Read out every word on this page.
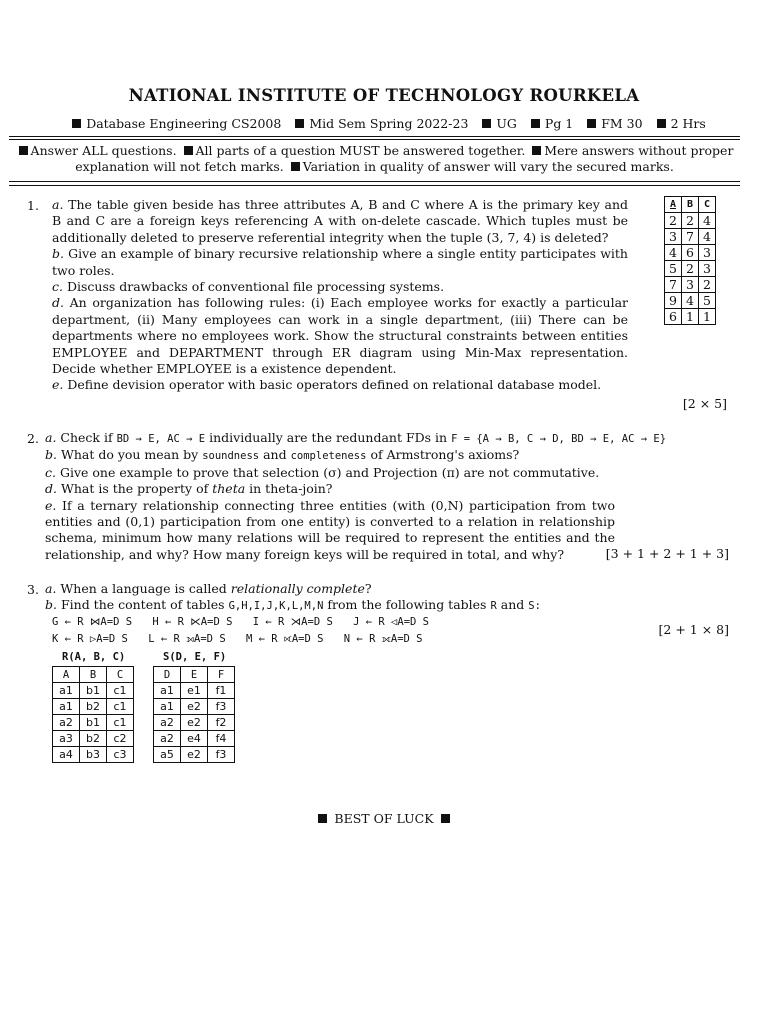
NATIONAL INSTITUTE OF TECHNOLOGY ROURKELA
Database Engineering CS2008 Mid Sem Spring 2022-23 UG Pg 1 FM 30 2 Hrs
Answer ALL questions. All parts of a question MUST be answered together. Mere answers without proper
explanation will not fetch marks. Variation in quality of answer will vary the secured marks.
1. a. The table given beside has three attributes A, B and C where A is the primary key and B and C are a foreign keys referencing A with on-delete cascade. Which tuples must be additionally deleted to preserve referential integrity when the tuple (3, 7, 4) is deleted?
b. Give an example of binary recursive relationship where a single entity participates with two roles.
c. Discuss drawbacks of conventional file processing systems.
d. An organization has following rules: (i) Each employee works for exactly a particular department, (ii) Many employees can work in a single department, (iii) There can be departments where no employees work. Show the structural constraints between entities EMPLOYEE and DEPARTMENT through ER diagram using Min-Max representation. Decide whether EMPLOYEE is a existence dependent.
e. Define devision operator with basic operators defined on relational database model.
[2 × 5]
A	B	C
2	2	4
3	7	4
4	6	3
5	2	3
7	3	2
9	4	5
6	1	1
2. a. Check if BD → E, AC → E individually are the redundant FDs in F = {A → B, C → D, BD → E, AC → E}
b. What do you mean by soundness and completeness of Armstrong's axioms?
c. Give one example to prove that selection (σ) and Projection (π) are not commutative.
d. What is the property of theta in theta-join?
e. If a ternary relationship connecting three entities (with (0,N) participation from two entities and (0,1) participation from one entity) is converted to a relation in relationship schema, minimum how many relations will be required to represent the entities and the relationship, and why? How many foreign keys will be required in total, and why?	[3 + 1 + 2 + 1 + 3]
3. a. When a language is called relationally complete?
b. Find the content of tables G,H,I,J,K,L,M,N from the following tables R and S:
G ← R ⋈A=D S H ← R ⋉A=D S I ← R ⋊A=D S J ← R ◁A=D S
K ← R ▷A=D S L ← R ⟕A=D S M ← R ⟖A=D S N ← R ⟗A=D S
[2 + 1 × 8]
R(A, B, C)
A	B	C
a1	b1	c1
a1	b2	c1
a2	b1	c1
a3	b2	c2
a4	b3	c3
S(D, E, F)
D	E	F
a1	e1	f1
a1	e2	f3
a2	e2	f2
a2	e4	f4
a5	e2	f3
BEST OF LUCK
